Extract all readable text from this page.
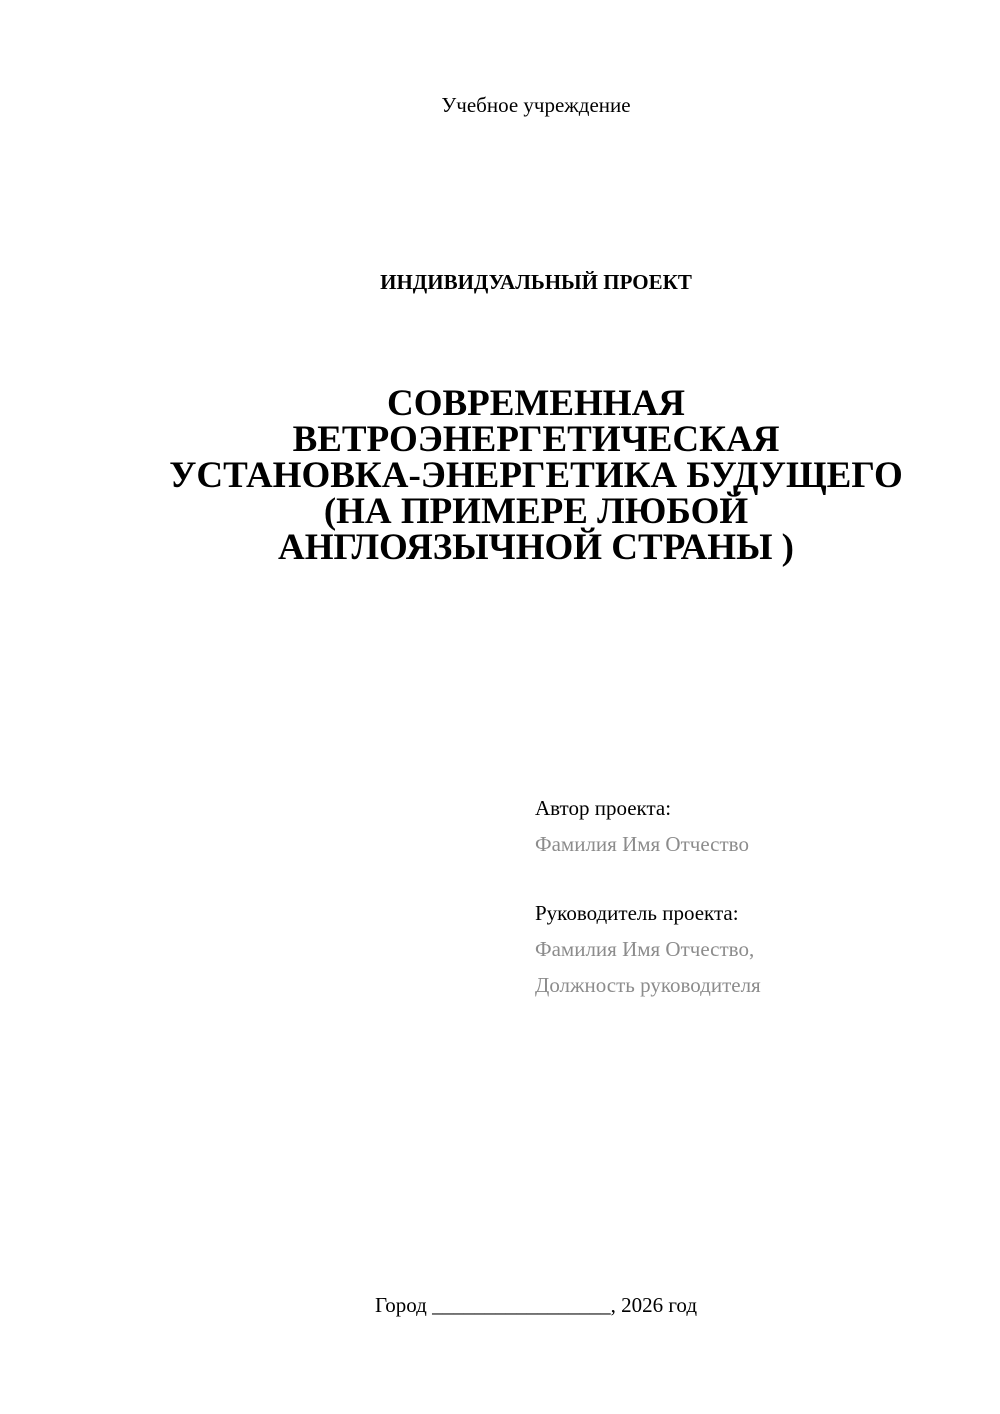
Учебное учреждение
ИНДИВИДУАЛЬНЫЙ ПРОЕКТ
СОВРЕМЕННАЯ
ВЕТРОЭНЕРГЕТИЧЕСКАЯ
УСТАНОВКА-ЭНЕРГЕТИКА БУДУЩЕГО
(НА ПРИМЕРЕ ЛЮБОЙ
АНГЛОЯЗЫЧНОЙ СТРАНЫ )
Автор проекта:
Фамилия Имя Отчество
Руководитель проекта:
Фамилия Имя Отчество,
Должность руководителя
Город _________________, 2026 год
